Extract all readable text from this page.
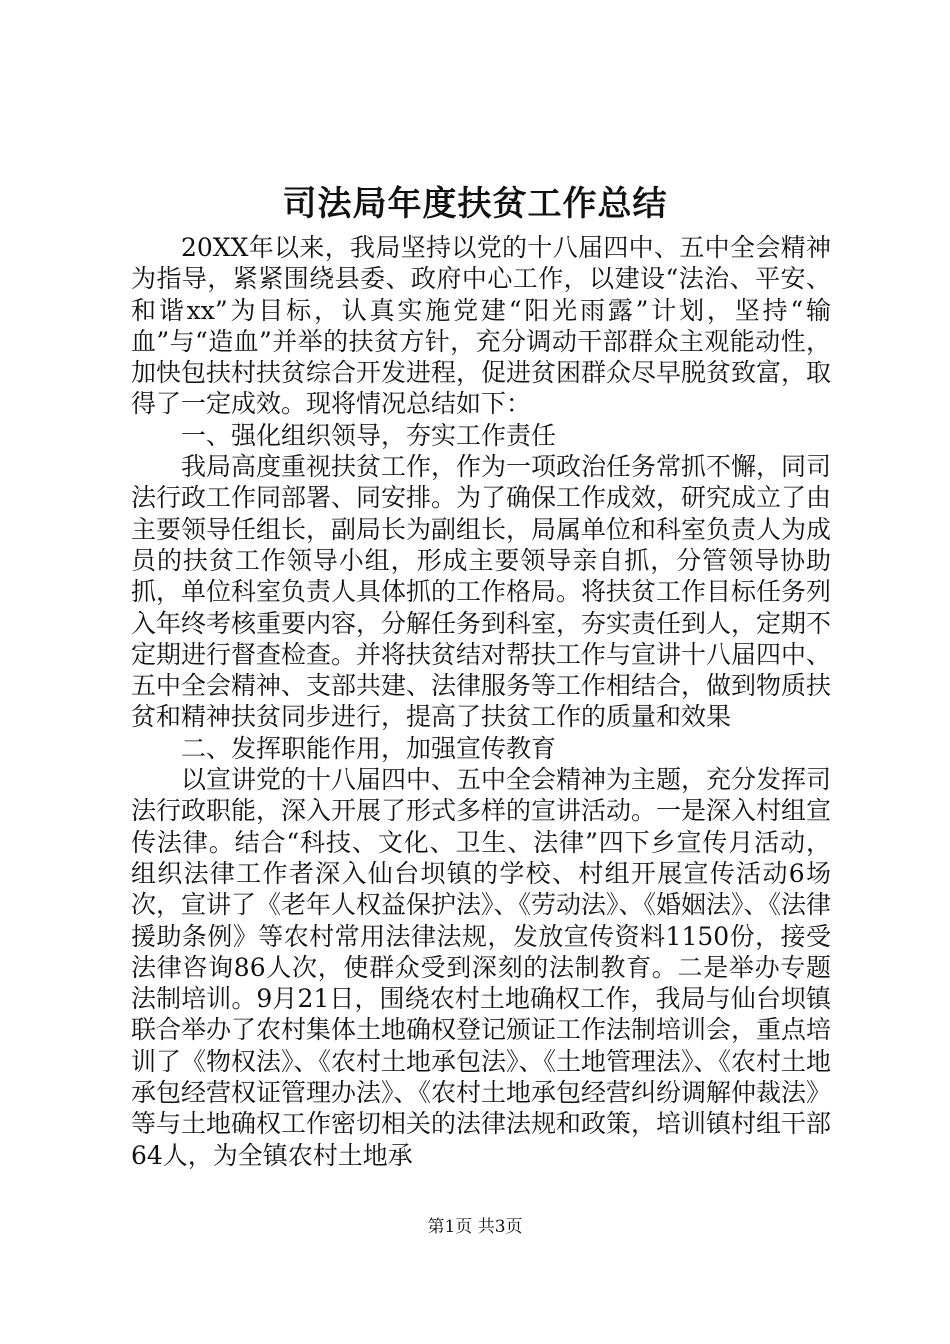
司法局年度扶贫工作总结

20XX年以来，我局坚持以党的十八届四中、五中全会精神为指导，紧紧围绕县委、政府中心工作，以建设“法治、平安、和谐xx”为目标，认真实施党建“阳光雨露”计划，坚持“输血”与“造血”并举的扶贫方针，充分调动干部群众主观能动性，加快包扶村扶贫综合开发进程，促进贫困群众尽早脱贫致富，取得了一定成效。现将情况总结如下：

一、强化组织领导，夯实工作责任

我局高度重视扶贫工作，作为一项政治任务常抓不懈，同司法行政工作同部署、同安排。为了确保工作成效，研究成立了由主要领导任组长，副局长为副组长，局属单位和科室负责人为成员的扶贫工作领导小组，形成主要领导亲自抓，分管领导协助抓，单位科室负责人具体抓的工作格局。将扶贫工作目标任务列入年终考核重要内容，分解任务到科室，夯实责任到人，定期不定期进行督查检查。并将扶贫结对帮扶工作与宣讲十八届四中、五中全会精神、支部共建、法律服务等工作相结合，做到物质扶贫和精神扶贫同步进行，提高了扶贫工作的质量和效果

二、发挥职能作用，加强宣传教育

以宣讲党的十八届四中、五中全会精神为主题，充分发挥司法行政职能，深入开展了形式多样的宣讲活动。一是深入村组宣传法律。结合“科技、文化、卫生、法律”四下乡宣传月活动，组织法律工作者深入仙台坝镇的学校、村组开展宣传活动6场次，宣讲了《老年人权益保护法》、《劳动法》、《婚姻法》、《法律援助条例》等农村常用法律法规，发放宣传资料1150份，接受法律咨询86人次，使群众受到深刻的法制教育。二是举办专题法制培训。9月21日，围绕农村土地确权工作，我局与仙台坝镇联合举办了农村集体土地确权登记颁证工作法制培训会，重点培训了《物权法》、《农村土地承包法》、《土地管理法》、《农村土地承包经营权证管理办法》、《农村土地承包经营纠纷调解仲裁法》等与土地确权工作密切相关的法律法规和政策，培训镇村组干部64人，为全镇农村土地承

第1页 共3页
